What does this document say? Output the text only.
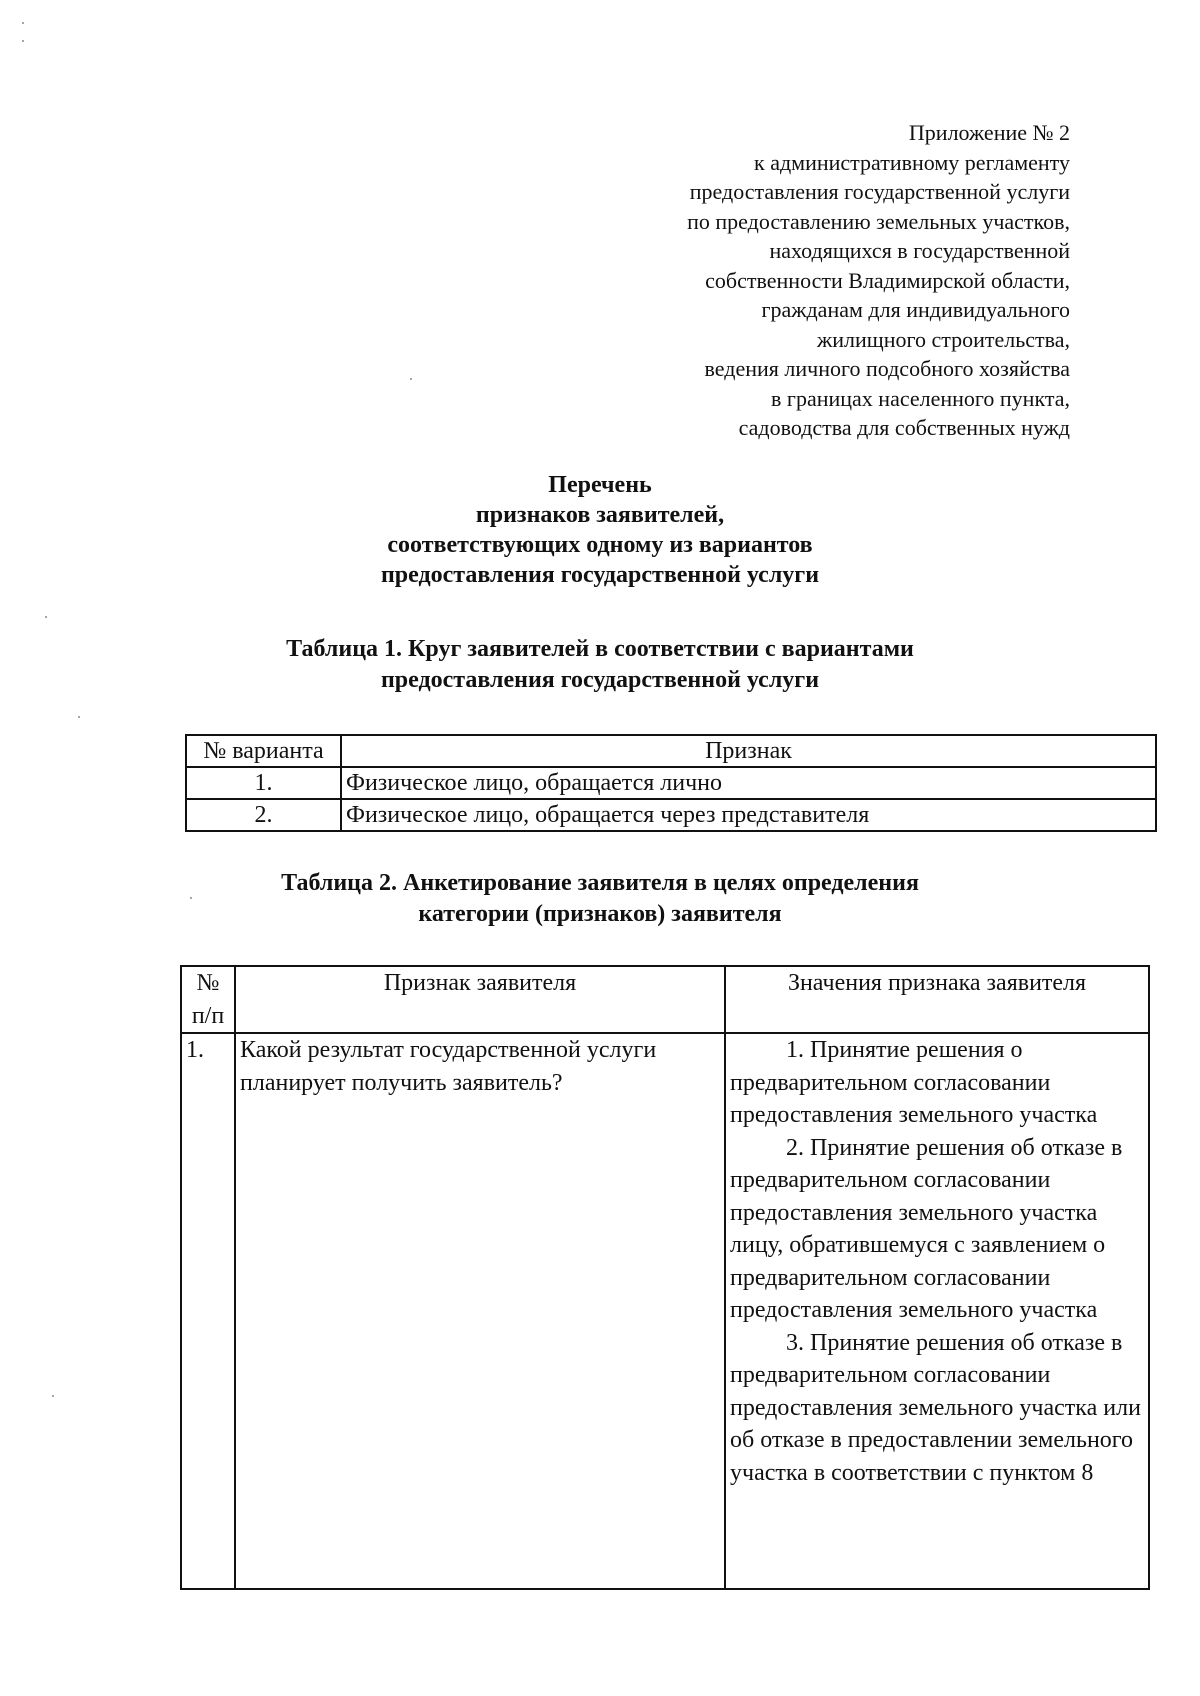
Приложение № 2
к административному регламенту
предоставления государственной услуги
по предоставлению земельных участков,
находящихся в государственной
собственности Владимирской области,
гражданам для индивидуального
жилищного строительства,
ведения личного подсобного хозяйства
в границах населенного пункта,
садоводства для собственных нужд
Перечень
признаков заявителей,
соответствующих одному из вариантов
предоставления государственной услуги
Таблица 1. Круг заявителей в соответствии с вариантами
предоставления государственной услуги
№ варианта	Признак
1.	Физическое лицо, обращается лично
2.	Физическое лицо, обращается через представителя
Таблица 2. Анкетирование заявителя в целях определения
категории (признаков) заявителя
№
п/п	Признак заявителя	Значения признака заявителя
1.	Какой результат государственной услуги планирует получить заявитель?	1. Принятие решения о предварительном согласовании предоставления земельного участка

2. Принятие решения об отказе в предварительном согласовании предоставления земельного участка лицу, обратившемуся с заявлением о предварительном согласовании предоставления земельного участка

3. Принятие решения об отказе в предварительном согласовании предоставления земельного участка или об отказе в предоставлении земельного участка в соответствии с пунктом 8
